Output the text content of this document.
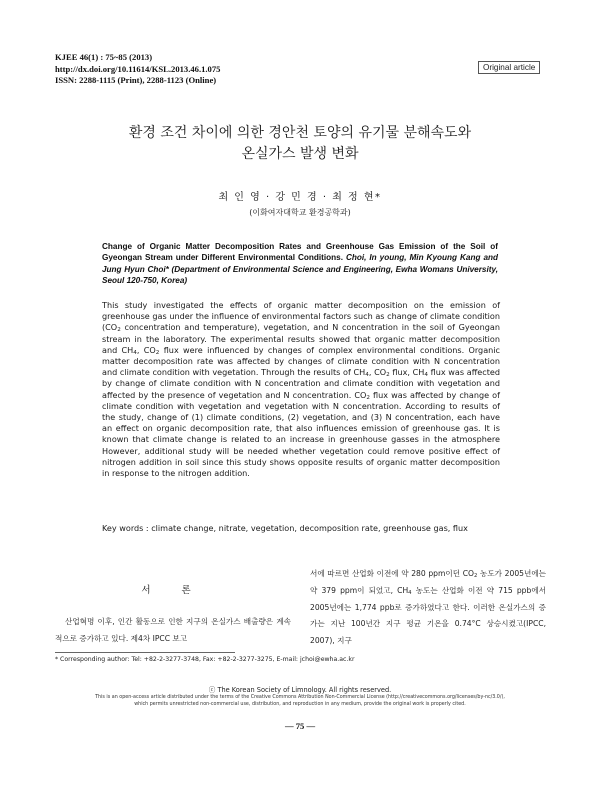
KJEE 46(1) : 75~85 (2013)
http://dx.doi.org/10.11614/KSL.2013.46.1.075
ISSN: 2288-1115 (Print), 2288-1123 (Online)
Original article
환경 조건 차이에 의한 경안천 토양의 유기물 분해속도와
온실가스 발생 변화
최 인 영 · 강 민 경 · 최 정 현*
(이화여자대학교 환경공학과)
Change of Organic Matter Decomposition Rates and Greenhouse Gas Emission of the Soil of Gyeongan Stream under Different Environmental Conditions. Choi, In young, Min Kyoung Kang and Jung Hyun Choi* (Department of Environmental Science and Engineering, Ewha Womans University, Seoul 120-750, Korea)
This study investigated the effects of organic matter decomposition on the emission of greenhouse gas under the influence of environmental factors such as change of climate condition ($CO_2$ concentration and temperature), vegetation, and N concentration in the soil of Gyeongan stream in the laboratory. The experimental results showed that organic matter decomposition and $CH_4$, $CO_2$ flux were influenced by changes of complex environmental conditions. Organic matter decomposition rate was affected by changes of climate condition with N concentration and climate condition with vegetation. Through the results of $CH_4$, $CO_2$ flux, $CH_4$ flux was affected by change of climate condition with N concentration and climate condition with vegetation and affected by the presence of vegetation and N concentration. $CO_2$ flux was affected by change of climate condition with vegetation and vegetation with N concentration. According to results of the study, change of (1) climate conditions, (2) vegetation, and (3) N concentration, each have an effect on organic decomposition rate, that also influences emission of greenhouse gas. It is known that climate change is related to an increase in greenhouse gasses in the atmosphere However, additional study will be needed whether vegetation could remove positive effect of nitrogen addition in soil since this study shows opposite results of organic matter decomposition in response to the nitrogen addition.
Key words : climate change, nitrate, vegetation, decomposition rate, greenhouse gas, flux
서 론

산업혁명 이후, 인간 활동으로 인한 지구의 온실가스 배출량은 계속적으로 증가하고 있다. 제4차 IPCC 보고

서에 따르면 산업화 이전에 약 280 ppm이던 $CO_2$ 농도가 2005년에는 약 379 ppm이 되었고, $CH_4$ 농도는 산업화 이전 약 715 ppb에서 2005년에는 1,774 ppb로 증가하였다고 한다. 이러한 온실가스의 증가는 지난 100년간 지구 평균 기온을 0.74°C 상승시켰고(IPCC, 2007), 지구

* Corresponding author: Tel: +82-2-3277-3748, Fax: +82-2-3277-3275, E-mail: jchoi@ewha.ac.kr
ⓒ The Korean Society of Limnology. All rights reserved.
This is an open-access article distributed under the terms of the Creative Commons Attribution Non-Commercial License (http://creativecommons.org/licenses/by-nc/3.0/),
which permits unrestricted non-commercial use, distribution, and reproduction in any medium, provide the original work is properly cited.
— 75 —
